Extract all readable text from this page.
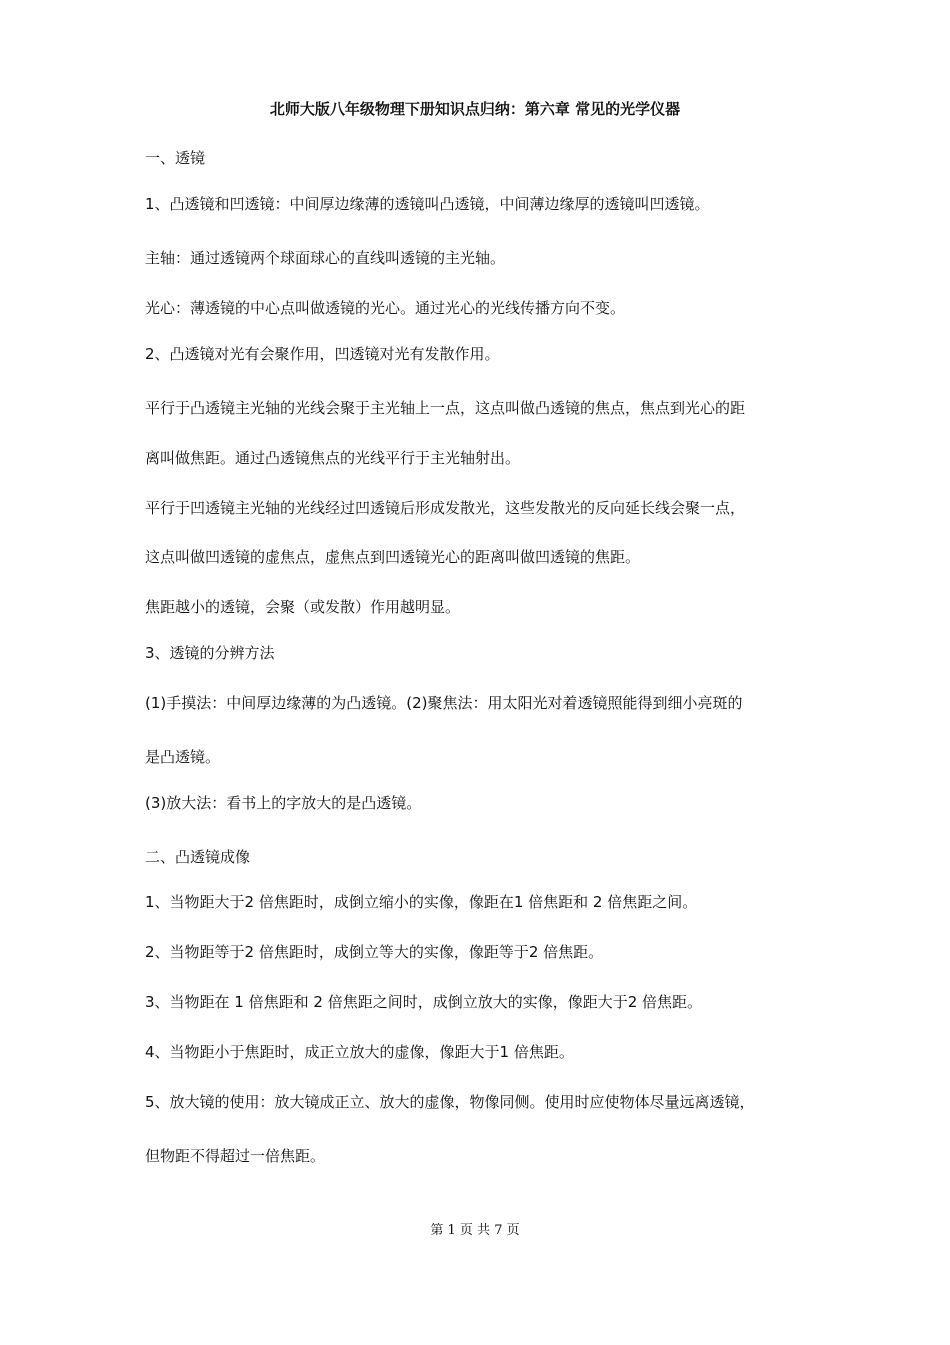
北师大版八年级物理下册知识点归纳：第六章 常见的光学仪器
一、透镜
1、凸透镜和凹透镜：中间厚边缘薄的透镜叫凸透镜，中间薄边缘厚的透镜叫凹透镜。
主轴：通过透镜两个球面球心的直线叫透镜的主光轴。
光心：薄透镜的中心点叫做透镜的光心。通过光心的光线传播方向不变。
2、凸透镜对光有会聚作用，凹透镜对光有发散作用。
平行于凸透镜主光轴的光线会聚于主光轴上一点，这点叫做凸透镜的焦点，焦点到光心的距
离叫做焦距。通过凸透镜焦点的光线平行于主光轴射出。
平行于凹透镜主光轴的光线经过凹透镜后形成发散光，这些发散光的反向延长线会聚一点，
这点叫做凹透镜的虚焦点，虚焦点到凹透镜光心的距离叫做凹透镜的焦距。
焦距越小的透镜，会聚（或发散）作用越明显。
3、透镜的分辨方法
(1)手摸法：中间厚边缘薄的为凸透镜。(2)聚焦法：用太阳光对着透镜照能得到细小亮斑的
是凸透镜。
(3)放大法：看书上的字放大的是凸透镜。
二、凸透镜成像
1、当物距大于2 倍焦距时，成倒立缩小的实像，像距在1 倍焦距和 2 倍焦距之间。
2、当物距等于2 倍焦距时，成倒立等大的实像，像距等于2 倍焦距。
3、当物距在 1 倍焦距和 2 倍焦距之间时，成倒立放大的实像，像距大于2 倍焦距。
4、当物距小于焦距时，成正立放大的虚像，像距大于1 倍焦距。
5、放大镜的使用：放大镜成正立、放大的虚像，物像同侧。使用时应使物体尽量远离透镜，
但物距不得超过一倍焦距。
第 1 页 共 7 页
